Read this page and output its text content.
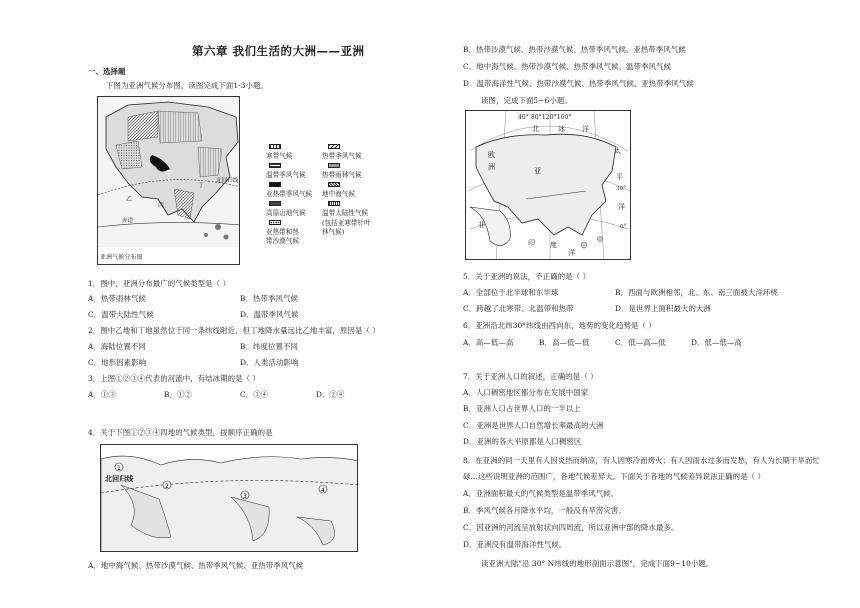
第六章 我们生活的大洲——亚洲
一、选择题
下图为亚洲气候分布图，读图完成下面1-3小题。
甲
乙
丙
丁
北回归线
赤道
亚洲气候分布图
寒带气候	热带季风气候
温带季风气候 热带雨林气候
亚热带季风气候 地中海气候
高原山地气候 温带大陆性气候
亚热带和热
(包括亚寒带针叶
带沙漠气候
林气候)
1．图中，亚洲分布最广的气候类型是（ ）
A．热带雨林气候	B．热带季风气候
C．温带大陆性气候	D．温带季风气候
2．图中乙地和丁地虽然位于同一条纬线附近，但丁地降水量远比乙地丰富，原因是（ ）
A．海陆位置不同	B．纬度位置不同
C．地形因素影响	D．人类活动影响
3．上图①②③④代表的河流中，有结冰期的是（ ）
A．①③	B．①②	C．③④	D．②④
4．关于下图①②③④四地的气候类型，按顺序正确的是
1
2
3
4
北回归线
A．地中海气候、热带沙漠气候、热带季风气候、亚热带季风气候
B．热带沙漠气候、热带沙漠气候、热带季风气候、亚热带季风气候
C．地中海气候、热带沙漠气候、热带季风气候、温带季风气候
D．温带海洋性气候、热带沙漠气候、热带季风气候、亚热带季风气候
读图，完成下面5~6小题。
40° 80°120°160°
北	冰 洋
欧
洲	亚
太
平
洋
非
印 度
洋
30°
0°
5．关于亚洲的说法，不正确的是（ ）
A．全部位于北半球和东半球	B．西面与欧洲相邻，北、东、南三面被大洋环绕
C．跨越了北寒带、北温带和热带	D．是世界上面积最大的大洲
6．亚洲沿北纬30°纬线由西向东，地势的变化趋势是（ ）
A．高—低—高	B．高—低—低	C．低—高—低	D．低—低—高
7．关于亚洲人口的叙述，正确的是（ ）
A．人口稠密地区都分布在发展中国家
B．亚洲人口占世界人口的一半以上
C．亚洲是世界人口自然增长率最高的大洲
D．亚洲的各大平原都是人口稠密区
8．在亚洲的同一天里有人因炎热而纳凉，有人因寒冷而烤火；有人因雨水过多而发愁，有人为长期干旱而忙
碌…这些说明亚洲的范围广，各地气候差异大。下面关于各地的气候差异说法正确的是（ ）
A．亚洲面积最大的气候类型是温带季风气候。
B．季风气候各月降水平均，一般没有旱涝灾害。
C．因亚洲的河流呈放射状向四周流，所以亚洲中部的降水最多。
D．亚洲没有温带海洋性气候。
读亚洲大陆"沿 30° N纬线的地形剖面示意图"，完成下面9~10小题。
